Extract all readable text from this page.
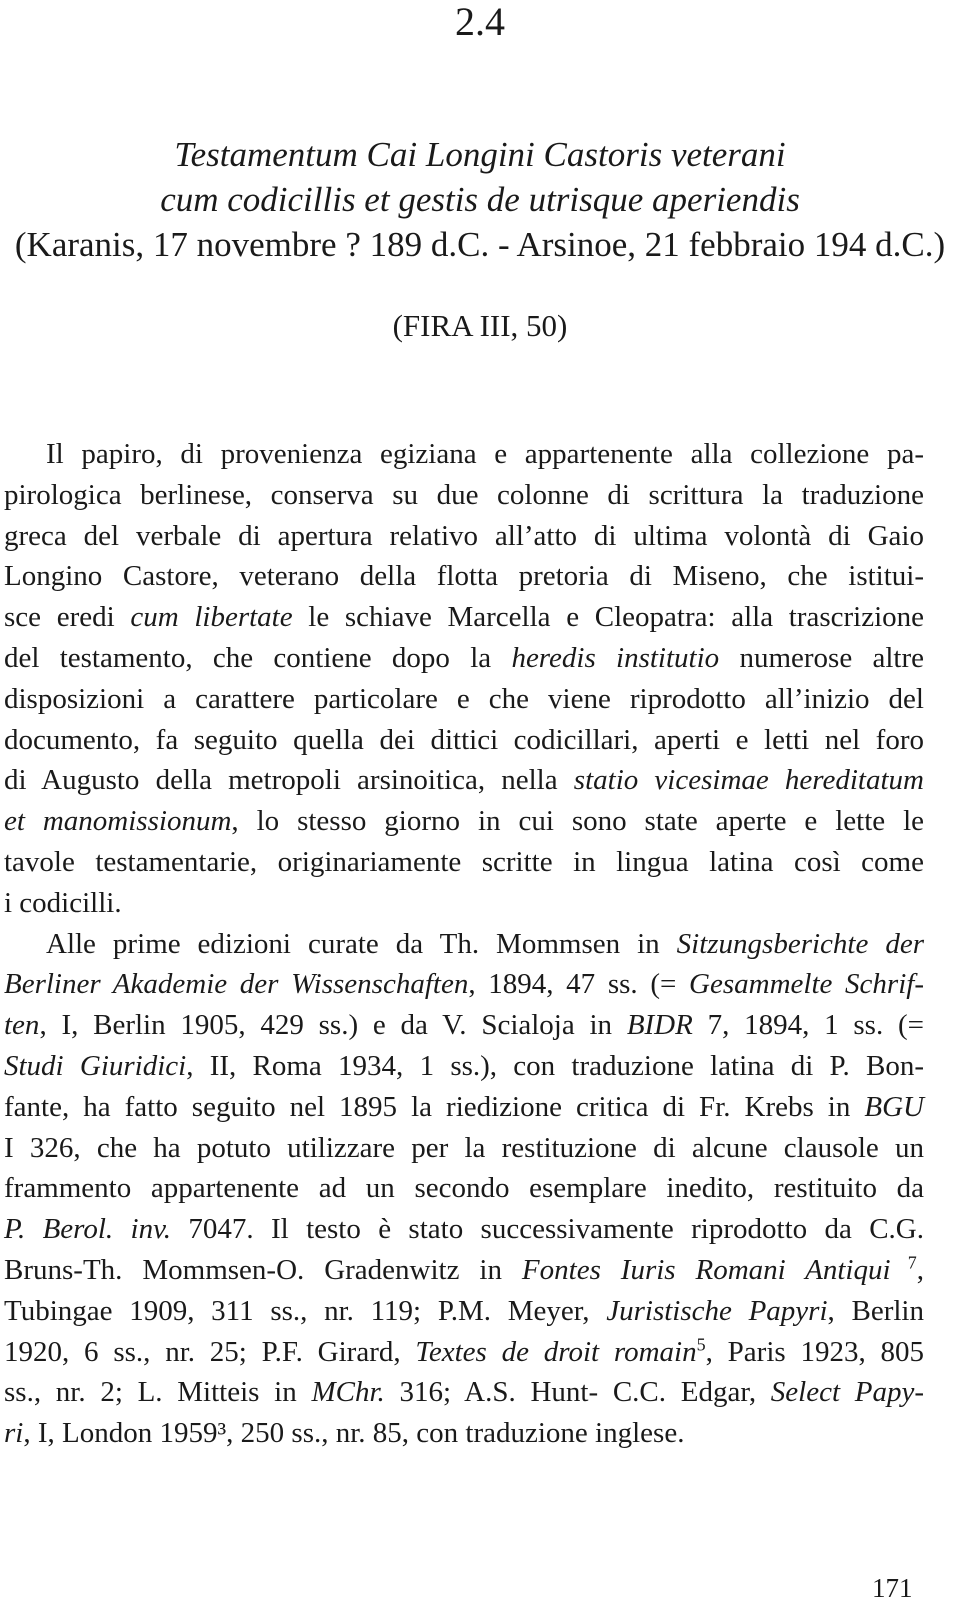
2.4
Testamentum Cai Longini Castoris veterani
cum codicillis et gestis de utrisque aperiendis
(Karanis, 17 novembre ? 189 d.C. - Arsinoe, 21 febbraio 194 d.C.)
(FIRA III, 50)
Il papiro, di provenienza egiziana e appartenente alla collezione pa-
pirologica berlinese, conserva su due colonne di scrittura la traduzione
greca del verbale di apertura relativo all’atto di ultima volontà di Gaio
Longino Castore, veterano della flotta pretoria di Miseno, che istitui-
sce eredi cum libertate le schiave Marcella e Cleopatra: alla trascrizione
del testamento, che contiene dopo la heredis institutio numerose altre
disposizioni a carattere particolare e che viene riprodotto all’inizio del
documento, fa seguito quella dei dittici codicillari, aperti e letti nel foro
di Augusto della metropoli arsinoitica, nella statio vicesimae hereditatum
et manomissionum, lo stesso giorno in cui sono state aperte e lette le
tavole testamentarie, originariamente scritte in lingua latina così come
i codicilli.
Alle prime edizioni curate da Th. Mommsen in Sitzungsberichte der
Berliner Akademie der Wissenschaften, 1894, 47 ss. (= Gesammelte Schrif-
ten, I, Berlin 1905, 429 ss.) e da V. Scialoja in BIDR 7, 1894, 1 ss. (=
Studi Giuridici, II, Roma 1934, 1 ss.), con traduzione latina di P. Bon-
fante, ha fatto seguito nel 1895 la riedizione critica di Fr. Krebs in BGU
I 326, che ha potuto utilizzare per la restituzione di alcune clausole un
frammento appartenente ad un secondo esemplare inedito, restituito da
P. Berol. inv. 7047. Il testo è stato successivamente riprodotto da C.G.
Bruns-Th. Mommsen-O. Gradenwitz in Fontes Iuris Romani Antiqui $^7$,
Tubingae 1909, 311 ss., nr. 119; P.M. Meyer, Juristische Papyri, Berlin
1920, 6 ss., nr. 25; P.F. Girard, Textes de droit romain$^5$, Paris 1923, 805
ss., nr. 2; L. Mitteis in MChr. 316; A.S. Hunt- C.C. Edgar, Select Papy-
ri, I, London 1959³, 250 ss., nr. 85, con traduzione inglese.
171
